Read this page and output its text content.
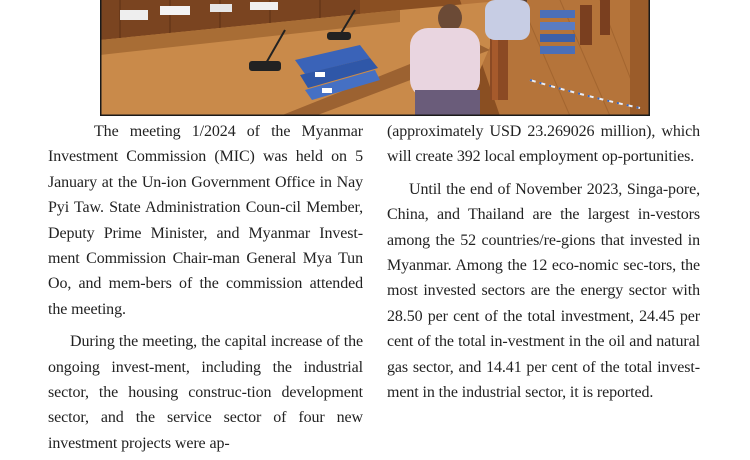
The meeting 1/2024 of the Myanmar Investment Commission (MIC) was held on 5 January at the Un-ion Government Office in Nay Pyi Taw. State Administration Coun-cil Member, Deputy Prime Minister, and Myanmar Invest-ment Commission Chair-man General Mya Tun Oo, and mem-bers of the commission attended the meeting.

During the meeting, the capital increase of the ongoing invest-ment, including the industrial sector, the housing construc-tion development sector, and the service sector of four new investment projects were ap-

(approximately USD 23.269026 million), which will create 392 local employment op-portunities.

Until the end of November 2023, Singa-pore, China, and Thailand are the largest in-vestors among the 52 countries/re-gions that invested in Myanmar. Among the 12 eco-nomic sec-tors, the most invested sectors are the energy sector with 28.50 per cent of the total investment, 24.45 per cent of the total in-vestment in the oil and natural gas sector, and 14.41 per cent of the total invest-ment in the industrial sector, it is reported.
